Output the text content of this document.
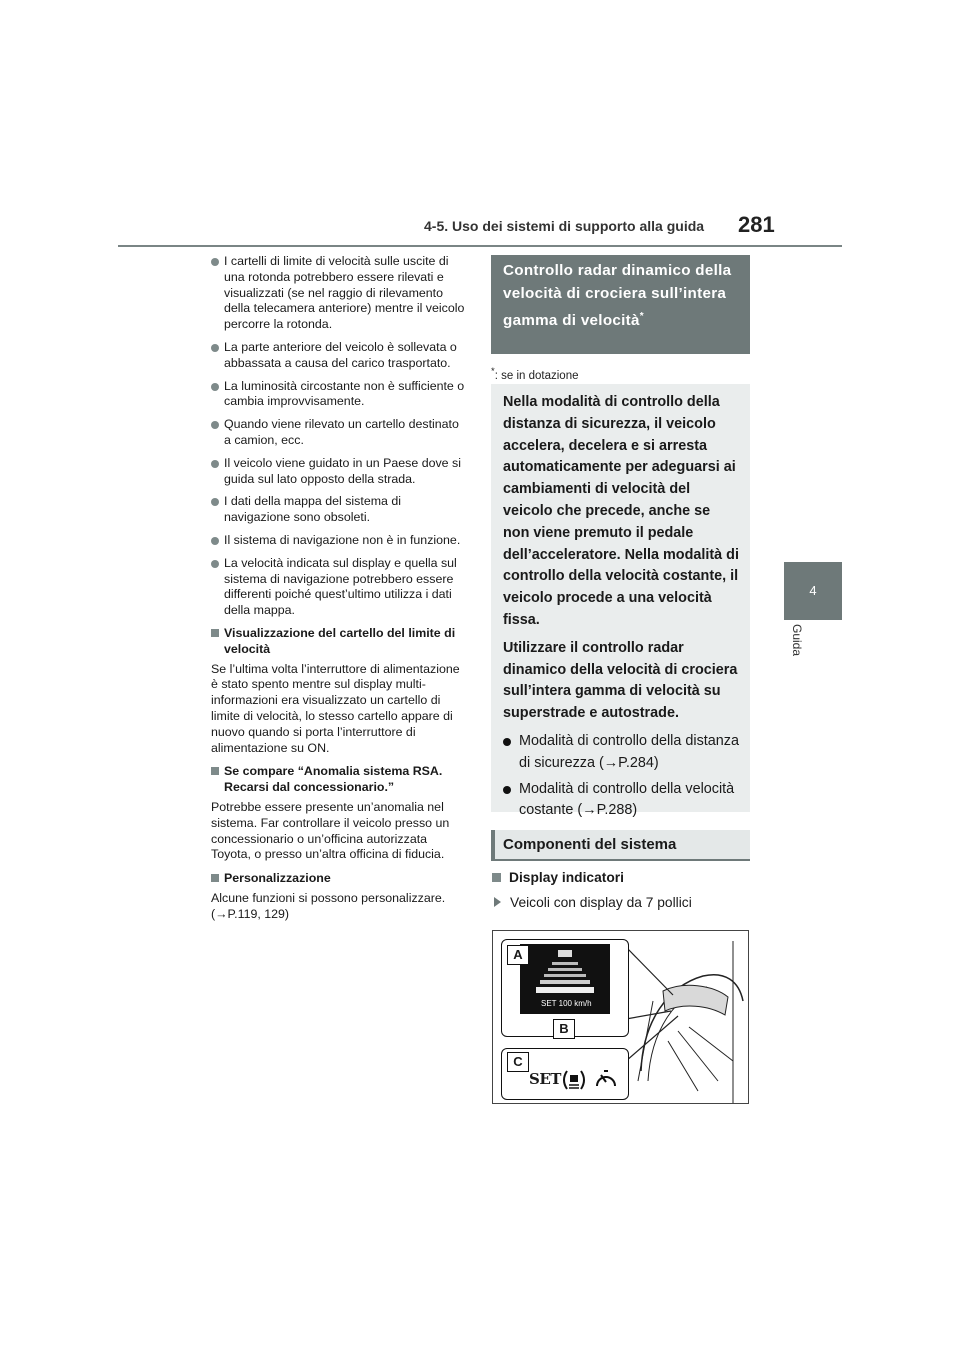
4-5. Uso dei sistemi di supporto alla guida 281
4
Guida
I cartelli di limite di velocità sulle uscite di una rotonda potrebbero essere rilevati e visualizzati (se nel raggio di rilevamento della telecamera anteriore) mentre il veicolo percorre la rotonda.
La parte anteriore del veicolo è sollevata o abbassata a causa del carico trasportato.
La luminosità circostante non è sufficiente o cambia improvvisamente.
Quando viene rilevato un cartello destinato a camion, ecc.
Il veicolo viene guidato in un Paese dove si guida sul lato opposto della strada.
I dati della mappa del sistema di navigazione sono obsoleti.
Il sistema di navigazione non è in funzione.
La velocità indicata sul display e quella sul sistema di navigazione potrebbero essere differenti poiché quest’ultimo utilizza i dati della mappa.
Visualizzazione del cartello del limite di velocità
Se l’ultima volta l’interruttore di alimentazione è stato spento mentre sul display multi-informazioni era visualizzato un cartello di limite di velocità, lo stesso cartello appare di nuovo quando si porta l’interruttore di alimentazione su ON.
Se compare “Anomalia sistema RSA. Recarsi dal concessionario.”
Potrebbe essere presente un’anomalia nel sistema. Far controllare il veicolo presso un concessionario o un’officina autorizzata Toyota, o presso un’altra officina di fiducia.
Personalizzazione
Alcune funzioni si possono personalizzare. (→P.119, 129)
Controllo radar dinamico della velocità di crociera sull’intera gamma di velocità*
*: se in dotazione
Nella modalità di controllo della distanza di sicurezza, il veicolo accelera, decelera e si arresta automaticamente per adeguarsi ai cambiamenti di velocità del veicolo che precede, anche se non viene premuto il pedale dell’acceleratore. Nella modalità di controllo della velocità costante, il veicolo procede a una velocità fissa.
Utilizzare il controllo radar dinamico della velocità di crociera sull’intera gamma di velocità su superstrade e autostrade.
Modalità di controllo della distanza di sicurezza (→P.284)
Modalità di controllo della velocità costante (→P.288)
Componenti del sistema
Display indicatori
Veicoli con display da 7 pollici
SET 100 km/h
A
B
C
SET
